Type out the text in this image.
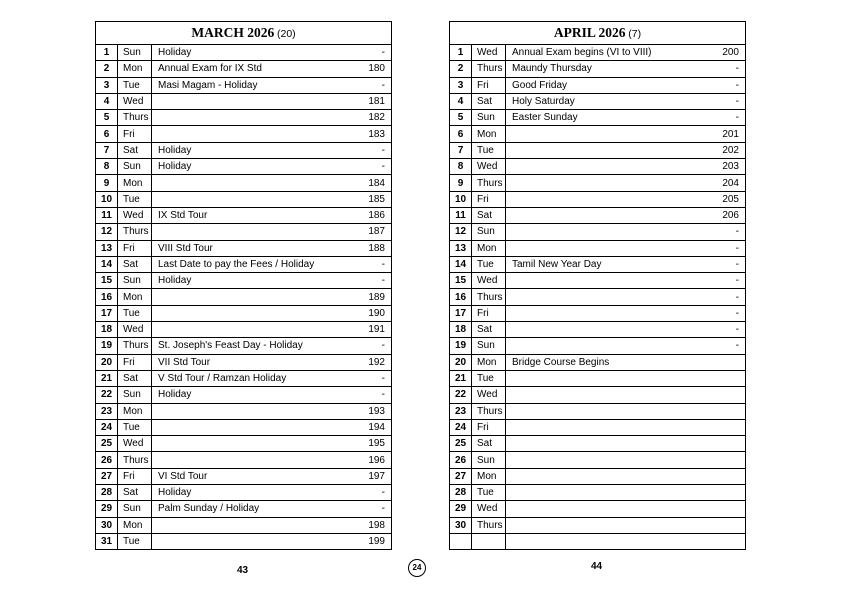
MARCH 2026 (20)			
1	Sun	Holiday	-
2	Mon	Annual Exam for IX Std	180
3	Tue	Masi Magam - Holiday	-
4	Wed		181
5	Thurs		182
6	Fri		183
7	Sat	Holiday	-
8	Sun	Holiday	-
9	Mon		184
10	Tue		185
11	Wed	IX Std Tour	186
12	Thurs		187
13	Fri	VIII Std Tour	188
14	Sat	Last Date to pay the Fees / Holiday	-
15	Sun	Holiday	-
16	Mon		189
17	Tue		190
18	Wed		191
19	Thurs	St. Joseph's Feast Day - Holiday	-
20	Fri	VII Std Tour	192
21	Sat	V Std Tour / Ramzan Holiday	-
22	Sun	Holiday	-
23	Mon		193
24	Tue		194
25	Wed		195
26	Thurs		196
27	Fri	VI Std Tour	197
28	Sat	Holiday	-
29	Sun	Palm Sunday / Holiday	-
30	Mon		198
31	Tue		199
APRIL 2026 (7)			
1	Wed	Annual Exam begins (VI to VIII)	200
2	Thurs	Maundy Thursday	-
3	Fri	Good Friday	-
4	Sat	Holy Saturday	-
5	Sun	Easter Sunday	-
6	Mon		201
7	Tue		202
8	Wed		203
9	Thurs		204
10	Fri		205
11	Sat		206
12	Sun		-
13	Mon		-
14	Tue	Tamil New Year Day	-
15	Wed		-
16	Thurs		-
17	Fri		-
18	Sat		-
19	Sun		-
20	Mon	Bridge Course Begins	
21	Tue		
22	Wed		
23	Thurs		
24	Fri		
25	Sat		
26	Sun		
27	Mon		
28	Tue		
29	Wed		
30	Thurs		

43	24	44
